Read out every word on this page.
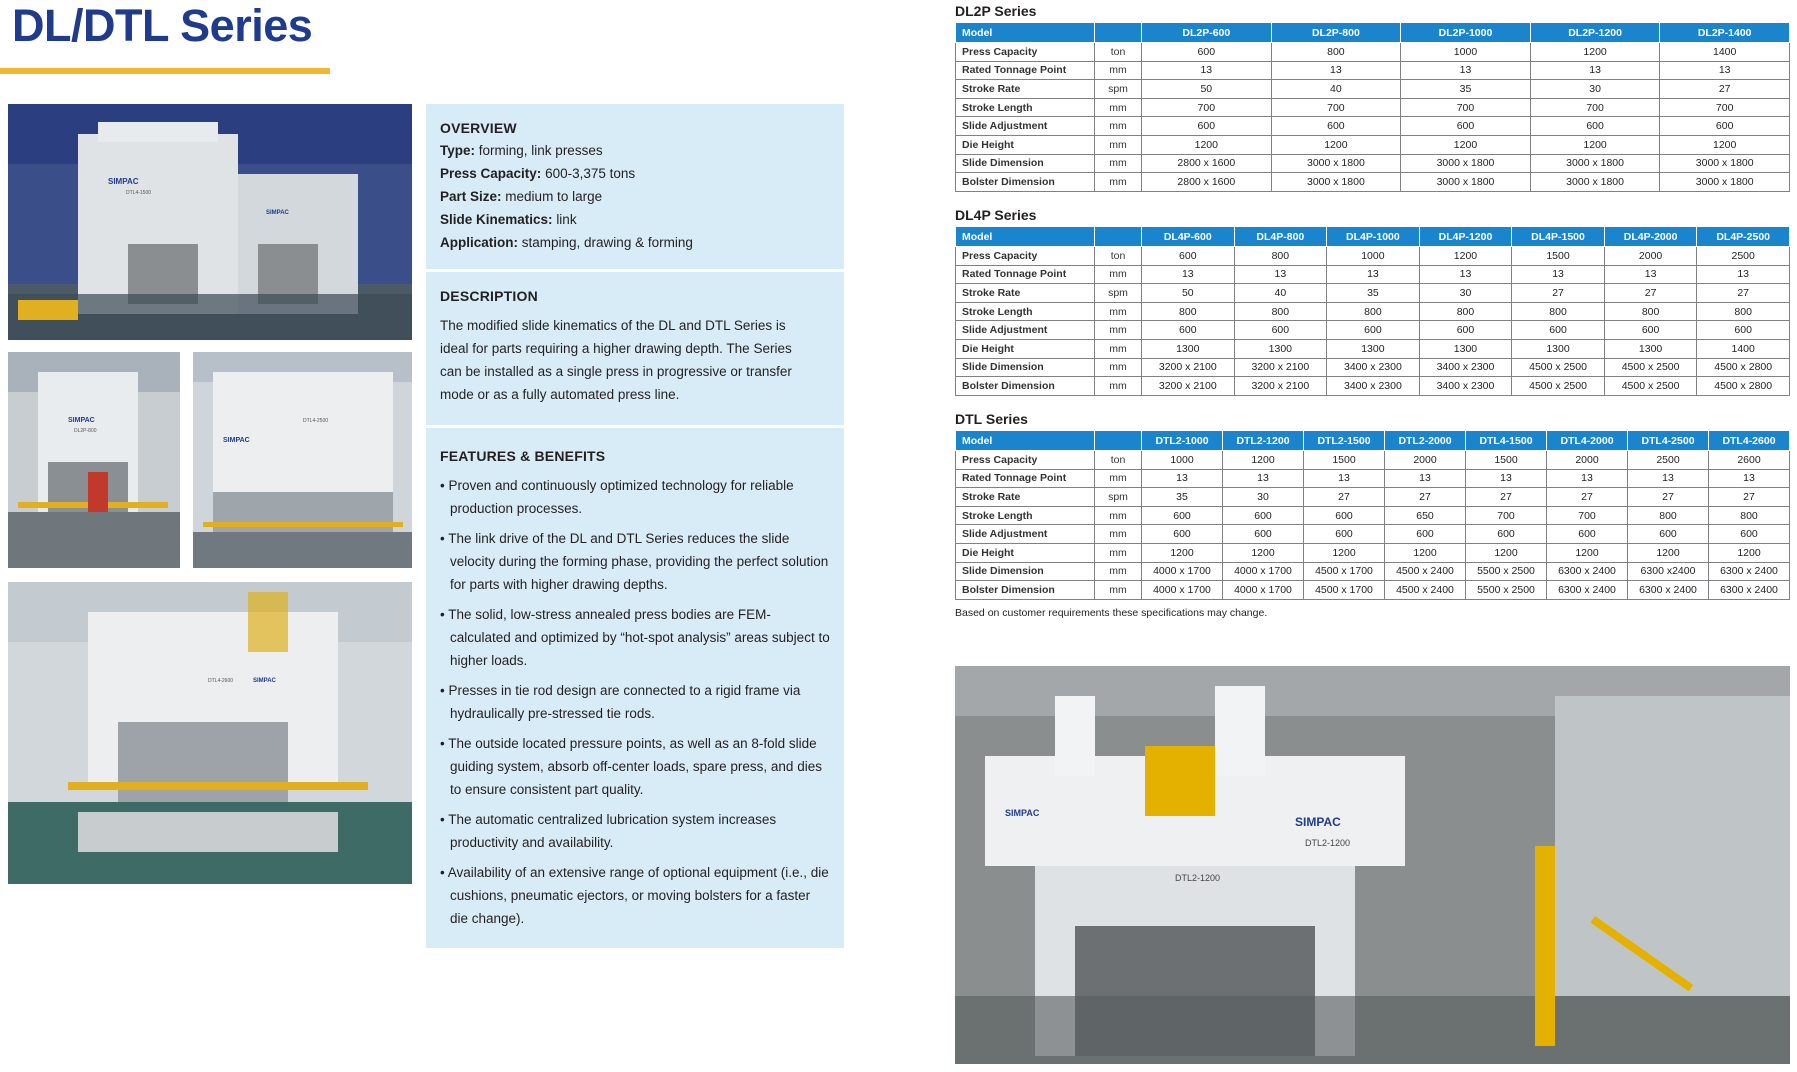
DL/DTL Series
SIMPAC
DTL4-1500
SIMPAC
SIMPAC
DL2P-800
SIMPAC
DTL4-2500
DTL4-2600	SIMPAC
OVERVIEW
Type: forming, link presses
Press Capacity: 600-3,375 tons
Part Size: medium to large
Slide Kinematics: link
Application: stamping, drawing & forming
DESCRIPTION
The modified slide kinematics of the DL and DTL Series is ideal for parts requiring a higher drawing depth. The Series can be installed as a single press in progressive or transfer mode or as a fully automated press line.
FEATURES & BENEFITS
• Proven and continuously optimized technology for reliable production processes.
• The link drive of the DL and DTL Series reduces the slide velocity during the forming phase, providing the perfect solution for parts with higher drawing depths.
• The solid, low-stress annealed press bodies are FEM-calculated and optimized by “hot-spot analysis” areas subject to higher loads.
• Presses in tie rod design are connected to a rigid frame via hydraulically pre-stressed tie rods.
• The outside located pressure points, as well as an 8-fold slide guiding system, absorb off-center loads, spare press, and dies to ensure consistent part quality.
• The automatic centralized lubrication system increases productivity and availability.
• Availability of an extensive range of optional equipment (i.e., die cushions, pneumatic ejectors, or moving bolsters for a faster die change).
DL2P Series
Model		DL2P-600	DL2P-800	DL2P-1000	DL2P-1200	DL2P-1400
Press Capacity	ton	600	800	1000	1200	1400
Rated Tonnage Point	mm	13	13	13	13	13
Stroke Rate	spm	50	40	35	30	27
Stroke Length	mm	700	700	700	700	700
Slide Adjustment	mm	600	600	600	600	600
Die Height	mm	1200	1200	1200	1200	1200
Slide Dimension	mm	2800 x 1600	3000 x 1800	3000 x 1800	3000 x 1800	3000 x 1800
Bolster Dimension	mm	2800 x 1600	3000 x 1800	3000 x 1800	3000 x 1800	3000 x 1800
DL4P Series
Model		DL4P-600	DL4P-800	DL4P-1000	DL4P-1200	DL4P-1500	DL4P-2000	DL4P-2500
Press Capacity	ton	600	800	1000	1200	1500	2000	2500
Rated Tonnage Point	mm	13	13	13	13	13	13	13
Stroke Rate	spm	50	40	35	30	27	27	27
Stroke Length	mm	800	800	800	800	800	800	800
Slide Adjustment	mm	600	600	600	600	600	600	600
Die Height	mm	1300	1300	1300	1300	1300	1300	1400
Slide Dimension	mm	3200 x 2100	3200 x 2100	3400 x 2300	3400 x 2300	4500 x 2500	4500 x 2500	4500 x 2800
Bolster Dimension	mm	3200 x 2100	3200 x 2100	3400 x 2300	3400 x 2300	4500 x 2500	4500 x 2500	4500 x 2800
DTL Series
Model		DTL2-1000	DTL2-1200	DTL2-1500	DTL2-2000	DTL4-1500	DTL4-2000	DTL4-2500	DTL4-2600
Press Capacity	ton	1000	1200	1500	2000	1500	2000	2500	2600
Rated Tonnage Point	mm	13	13	13	13	13	13	13	13
Stroke Rate	spm	35	30	27	27	27	27	27	27
Stroke Length	mm	600	600	600	650	700	700	800	800
Slide Adjustment	mm	600	600	600	600	600	600	600	600
Die Height	mm	1200	1200	1200	1200	1200	1200	1200	1200
Slide Dimension	mm	4000 x 1700	4000 x 1700	4500 x 1700	4500 x 2400	5500 x 2500	6300 x 2400	6300 x2400	6300 x 2400
Bolster Dimension	mm	4000 x 1700	4000 x 1700	4500 x 1700	4500 x 2400	5500 x 2500	6300 x 2400	6300 x 2400	6300 x 2400
Based on customer requirements these specifications may change.
SIMPAC
SIMPAC
DTL2-1200
DTL2-1200
